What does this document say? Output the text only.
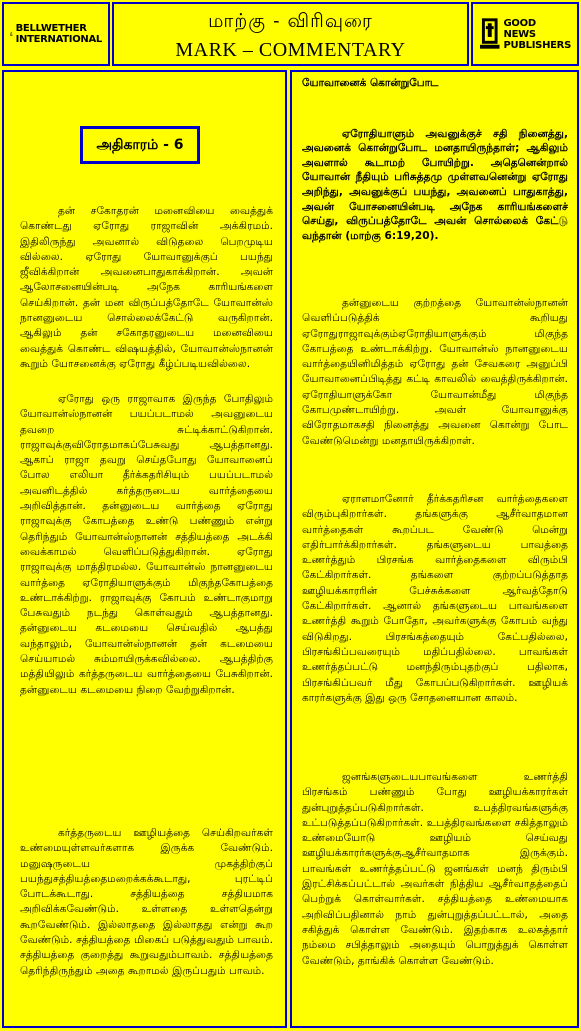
BELLWETHER
INTERNATIONAL
மாற்கு - விரிவுரை
MARK – COMMENTARY
GOOD NEWS
PUBLISHERS
அதிகாரம் - 6

தன் சகோதரன் மனைவியை வைத்துக் கொண்டது ஏரோது ராஜாவின் அக்கிரமம். இதிலிருந்து அவனால் விடுதலை பெறமுடிய வில்லை. ஏரோது யோவானுக்குப் பயந்து ஜீவிக்கிறான் அவனைபாதுகாக்கிறான். அவன் ஆலோசனையின்படி அநேக காரியங்களை செய்கிறான். தன் மன விருப்பத்தோடே யோவான்ஸ் நானனுடைய சொல்லைக்கேட்டு வருகிறான். ஆகிலும் தன் சகோதரனுடைய மனைவியை வைத்துக் கொண்ட விஷயத்தில், யோவான்ஸ்நானன் கூறும் யோசனைக்கு ஏரோது கீழ்ப்படியவில்லை.

ஏரோது ஒரு ராஜாவாக இருந்த போதிலும் யோவான்ஸ்நானன் பயப்படாமல் அவனுடைய தவறை சுட்டிக்காட்டுகிறான். ராஜாவுக்குவிரோதமாகப்பேசுவது ஆபத்தானது. ஆகாப் ராஜா தவறு செய்தபோது யோவானைப் போல எலியா தீர்க்கதரிசியும் பயப்படாமல் அவனிடத்தில் கர்த்தருடைய வார்த்தையை அறிவித்தான். தன்னுடைய வார்த்தை ஏரோது ராஜாவுக்கு கோபத்தை உண்டு பண்ணும் என்று தெரிந்தும் யோவான்ஸ்நானன் சத்தியத்தை அடக்கி வைக்காமல் வெளிப்படுத்துகிறான். ஏரோது ராஜாவுக்கு மாத்திரமல்ல. யோவான்ஸ் நானனுடைய வார்த்தை ஏரோதியாளுக்கும் மிகுந்தகோபத்தை உண்டாக்கிற்று. ராஜாவுக்கு கோபம் உண்டாகுமாறு பேசுவதும் நடந்து கொள்வதும் ஆபத்தானது. தன்னுடைய கடமையை செய்வதில் ஆபத்து வந்தாலும், யோவான்ஸ்நானன் தன் கடமையை செய்யாமல் சும்மாயிருக்கவில்லை. ஆபத்திற்கு மத்தியிலும் கர்த்தருடைய வார்த்தையை பேசுகிறான். தன்னுடைய கடமையை நிறை வேற்றுகிறான்.

கர்த்தருடைய ஊழியத்தை செய்கிறவர்கள் உண்மையுள்ளவர்களாக இருக்க வேண்டும். மனுஷருடைய முகத்திற்குப் பயந்துசத்தியத்தைமறைக்கக்கூடாது, புரட்டிப் போடக்கூடாது. சத்தியத்தை சத்தியமாக அறிவிக்கவேண்டும். உள்ளதை உள்ளதென்று கூறவேண்டும். இல்லாததை இல்லாதது என்று கூற வேண்டும். சத்தியத்தை மிகைப் படுத்துவதும் பாவம். சத்தியத்தை குறைத்து கூறுவதும்பாவம். சத்தியத்தை தெரிந்திருந்தும் அதை கூறாமல் இருப்பதும் பாவம்.

யோவானைக் கொன்றுபோட

ஏரோதியாளும் அவனுக்குச் சதி நினைத்து, அவனைக் கொன்றுபோட மனதாயிருந்தாள்; ஆகிலும் அவளால் கூடாமற் போயிற்று. அதெனென்றால் யோவான் நீதியும் பரிசுத்தமு முள்ளவனென்று ஏரோது அறிந்து, அவனுக்குப் பயந்து, அவனைப் பாதுகாத்து, அவன் யோசனையின்படி அநேக காரியங்களைச் செய்து, விருப்பத்தோடே அவன் சொல்லைக் கேட்டு வந்தான் (மாற்கு 6:19,20).

தன்னுடைய குற்றத்தை யோவான்ஸ்நானன் வெளிப்படுத்திக் கூறியது ஏரோதுராஜாவுக்கும்ஏரோதியாளுக்கும் மிகுந்த கோபத்தை உண்டாக்கிற்று. யோவான்ஸ் நானனுடைய வார்த்தையினிமித்தம் ஏரோது தன் சேவகரை அனுப்பி யோவானைப்பிடித்து கட்டி காவலில் வைத்திருக்கிறான். ஏரோதியாளுக்கோ யோவான்மீது மிகுந்த கோபமுண்டாயிற்று. அவள் யோவானுக்கு விரோதமாகசதி நினைத்து அவனை கொன்று போட வேண்டுமென்று மனதாயிருக்கிறாள்.

ஏராளமானோர் தீர்க்கதரிசன வார்த்தைகளை விரும்புகிறார்கள். தங்களுக்கு ஆசீர்வாதமான வார்த்தைகள் கூறப்பட வேண்டு மென்று எதிர்பார்க்கிறார்கள். தங்களுடைய பாவத்தை உணர்த்தும் பிரசங்க வார்த்தைகளை விரும்பி கேட்கிறார்கள். தங்களை குற்றப்படுத்தாத ஊழியக்காரரின் பேச்சுக்களை ஆர்வத்தோடு கேட்கிறார்கள். ஆனால் தங்களுடைய பாவங்களை உணர்த்தி கூறும் போதோ, அவர்களுக்கு கோபம் வந்து விடுகிறது. பிரசங்கத்தையும் கேட்பதில்லை, பிரசங்கிப்பவரையும் மதிப்பதில்லை. பாவங்கள் உணர்த்தப்பட்டு மனந்திரும்புதற்குப் பதிலாக, பிரசங்கிப்பவர் மீது கோபப்படுகிறார்கள். ஊழியக் காரர்களுக்கு இது ஒரு சோதனையான காலம்.

ஜனங்களுடையபாவங்களை உணர்த்தி பிரசங்கம் பண்ணும் போது ஊழியக்காரர்கள் துன்புறுத்தப்படுகிறார்கள். உபத்திரவங்களுக்கு உட்படுத்தப்படுகிறார்கள். உபத்திரவங்களை சகித்தாலும் உண்மையோடு ஊழியம் செய்வது ஊழியக்காரர்களுக்குஆசீர்வாதமாக இருக்கும். பாவங்கள் உணர்த்தப்பட்டு ஜனங்கள் மனந் திரும்பி இரட்சிக்கப்பட்டால் அவர்கள் நித்திய ஆசீர்வாதத்தைப் பெற்றுக் கொள்வார்கள். சத்தியத்தை உண்மையாக அறிவிப்பதினால் நாம் துன்புறுத்தப்பட்டால், அதை சகித்துக் கொள்ள வேண்டும். இதற்காக உலகத்தார் நம்மை சபித்தாலும் அதையும் பொறுத்துக் கொள்ள வேண்டும், தாங்கிக் கொள்ள வேண்டும்.
